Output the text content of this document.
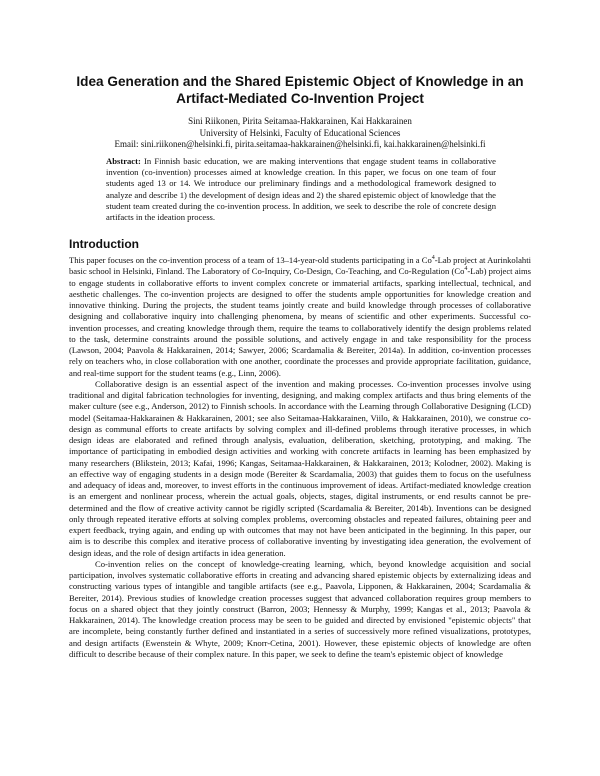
Idea Generation and the Shared Epistemic Object of Knowledge in an Artifact-Mediated Co-Invention Project
Sini Riikonen, Pirita Seitamaa-Hakkarainen, Kai Hakkarainen
University of Helsinki, Faculty of Educational Sciences
Email: sini.riikonen@helsinki.fi, pirita.seitamaa-hakkarainen@helsinki.fi, kai.hakkarainen@helsinki.fi
Abstract: In Finnish basic education, we are making interventions that engage student teams in collaborative invention (co-invention) processes aimed at knowledge creation. In this paper, we focus on one team of four students aged 13 or 14. We introduce our preliminary findings and a methodological framework designed to analyze and describe 1) the development of design ideas and 2) the shared epistemic object of knowledge that the student team created during the co-invention process. In addition, we seek to describe the role of concrete design artifacts in the ideation process.
Introduction

This paper focuses on the co-invention process of a team of 13–14-year-old students participating in a Co$^4$-Lab project at Aurinkolahti basic school in Helsinki, Finland. The Laboratory of Co-Inquiry, Co-Design, Co-Teaching, and Co-Regulation (Co$^4$-Lab) project aims to engage students in collaborative efforts to invent complex concrete or immaterial artifacts, sparking intellectual, technical, and aesthetic challenges. The co-invention projects are designed to offer the students ample opportunities for knowledge creation and innovative thinking. During the projects, the student teams jointly create and build knowledge through processes of collaborative designing and collaborative inquiry into challenging phenomena, by means of scientific and other experiments. Successful co-invention processes, and creating knowledge through them, require the teams to collaboratively identify the design problems related to the task, determine constraints around the possible solutions, and actively engage in and take responsibility for the process (Lawson, 2004; Paavola & Hakkarainen, 2014; Sawyer, 2006; Scardamalia & Bereiter, 2014a). In addition, co-invention processes rely on teachers who, in close collaboration with one another, coordinate the processes and provide appropriate facilitation, guidance, and real-time support for the student teams (e.g., Linn, 2006).

Collaborative design is an essential aspect of the invention and making processes. Co-invention processes involve using traditional and digital fabrication technologies for inventing, designing, and making complex artifacts and thus bring elements of the maker culture (see e.g., Anderson, 2012) to Finnish schools. In accordance with the Learning through Collaborative Designing (LCD) model (Seitamaa-Hakkarainen & Hakkarainen, 2001; see also Seitamaa-Hakkarainen, Viilo, & Hakkarainen, 2010), we construe co-design as communal efforts to create artifacts by solving complex and ill-defined problems through iterative processes, in which design ideas are elaborated and refined through analysis, evaluation, deliberation, sketching, prototyping, and making. The importance of participating in embodied design activities and working with concrete artifacts in learning has been emphasized by many researchers (Blikstein, 2013; Kafai, 1996; Kangas, Seitamaa-Hakkarainen, & Hakkarainen, 2013; Kolodner, 2002). Making is an effective way of engaging students in a design mode (Bereiter & Scardamalia, 2003) that guides them to focus on the usefulness and adequacy of ideas and, moreover, to invest efforts in the continuous improvement of ideas. Artifact-mediated knowledge creation is an emergent and nonlinear process, wherein the actual goals, objects, stages, digital instruments, or end results cannot be pre-determined and the flow of creative activity cannot be rigidly scripted (Scardamalia & Bereiter, 2014b). Inventions can be designed only through repeated iterative efforts at solving complex problems, overcoming obstacles and repeated failures, obtaining peer and expert feedback, trying again, and ending up with outcomes that may not have been anticipated in the beginning. In this paper, our aim is to describe this complex and iterative process of collaborative inventing by investigating idea generation, the evolvement of design ideas, and the role of design artifacts in idea generation.

Co-invention relies on the concept of knowledge-creating learning, which, beyond knowledge acquisition and social participation, involves systematic collaborative efforts in creating and advancing shared epistemic objects by externalizing ideas and constructing various types of intangible and tangible artifacts (see e.g., Paavola, Lipponen, & Hakkarainen, 2004; Scardamalia & Bereiter, 2014). Previous studies of knowledge creation processes suggest that advanced collaboration requires group members to focus on a shared object that they jointly construct (Barron, 2003; Hennessy & Murphy, 1999; Kangas et al., 2013; Paavola & Hakkarainen, 2014). The knowledge creation process may be seen to be guided and directed by envisioned "epistemic objects" that are incomplete, being constantly further defined and instantiated in a series of successively more refined visualizations, prototypes, and design artifacts (Ewenstein & Whyte, 2009; Knorr-Cetina, 2001). However, these epistemic objects of knowledge are often difficult to describe because of their complex nature. In this paper, we seek to define the team's epistemic object of knowledge
